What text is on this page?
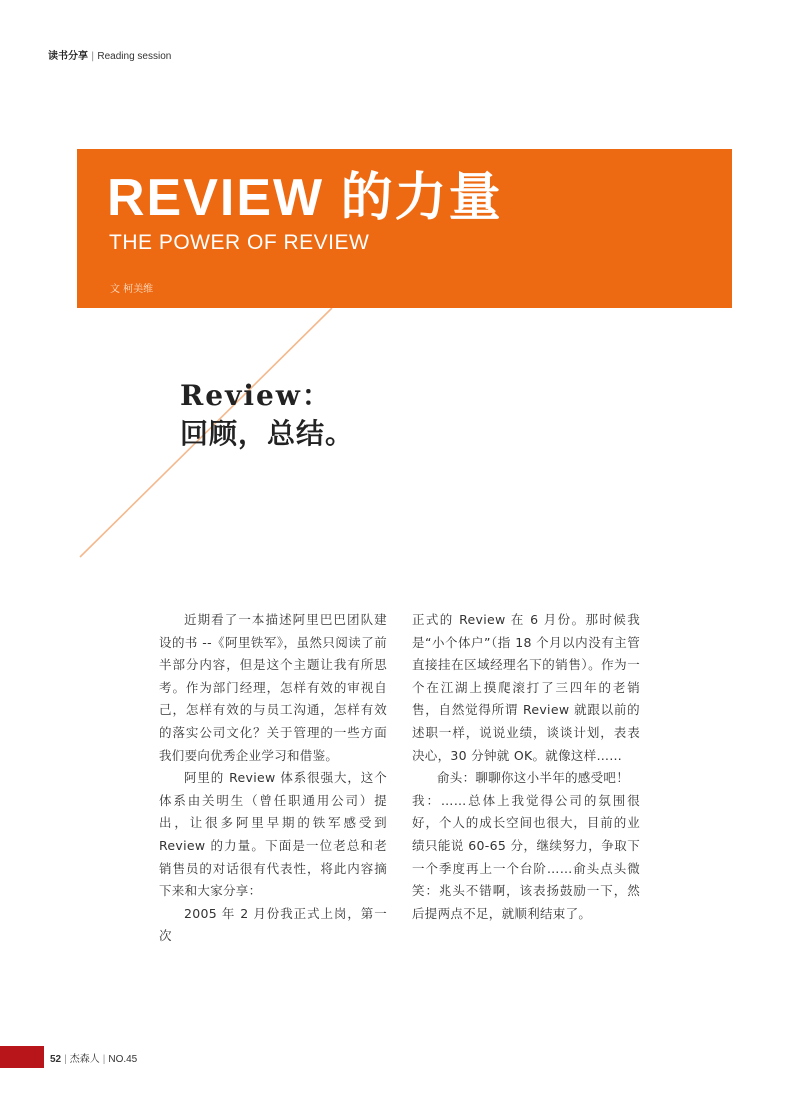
读书分享 | Reading session
REVIEW 的力量
THE POWER OF REVIEW
文 柯美维
Review：
回顾，总结。

近期看了一本描述阿里巴巴团队建设的书 --《阿里铁军》，虽然只阅读了前半部分内容，但是这个主题让我有所思考。作为部门经理，怎样有效的审视自己，怎样有效的与员工沟通，怎样有效的落实公司文化？关于管理的一些方面我们要向优秀企业学习和借鉴。

阿里的 Review 体系很强大，这个体系由关明生（曾任职通用公司）提出，让很多阿里早期的铁军感受到 Review 的力量。下面是一位老总和老销售员的对话很有代表性，将此内容摘下来和大家分享：

2005 年 2 月份我正式上岗，第一次

正式的 Review 在 6 月份。那时候我是“小个体户”（指 18 个月以内没有主管直接挂在区域经理名下的销售）。作为一个在江湖上摸爬滚打了三四年的老销售，自然觉得所谓 Review 就跟以前的述职一样，说说业绩，谈谈计划，表表决心，30 分钟就 OK。就像这样……

俞头：聊聊你这小半年的感受吧！

我：……总体上我觉得公司的氛围很好，个人的成长空间也很大，目前的业绩只能说 60-65 分，继续努力，争取下一个季度再上一个台阶……俞头点头微笑：兆头不错啊，该表扬鼓励一下，然后提两点不足，就顺利结束了。

52 | 杰森人 | NO.45
